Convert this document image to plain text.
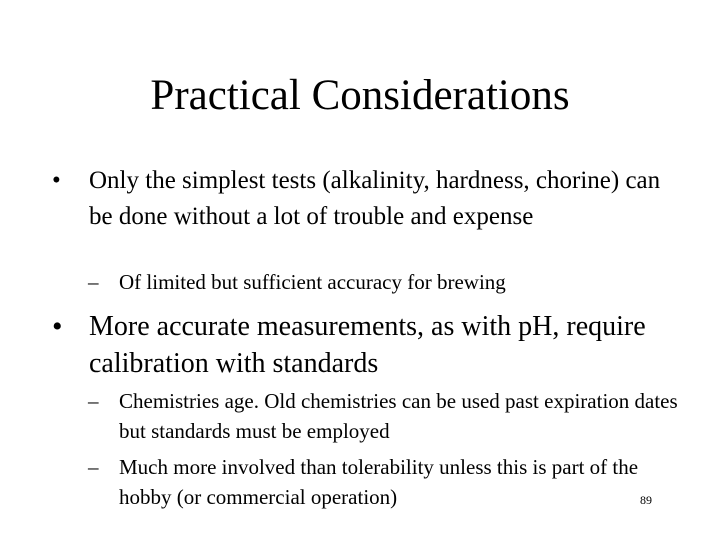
Practical Considerations
• Only the simplest tests (alkalinity, hardness, chorine) can be done without a lot of trouble and expense
– Of limited but sufficient accuracy for brewing
• More accurate measurements, as with pH, require calibration with standards
– Chemistries age. Old chemistries can be used past expiration dates but standards must be employed
– Much more involved than tolerability unless this is part of the hobby (or commercial operation)	89
